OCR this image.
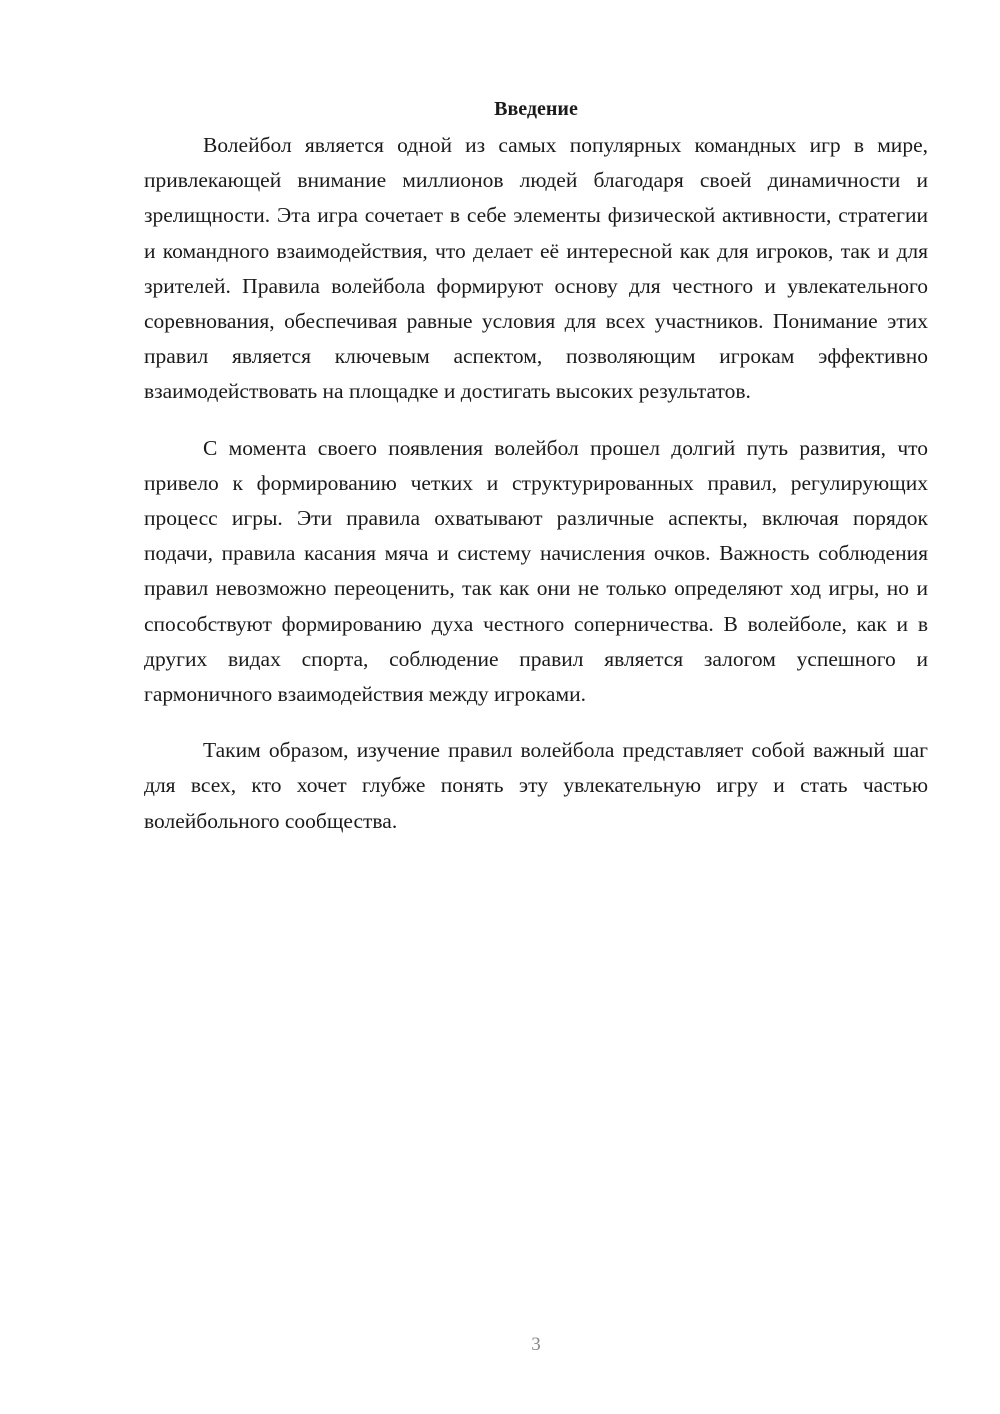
Введение

Волейбол является одной из самых популярных командных игр в мире, привлекающей внимание миллионов людей благодаря своей динамичности и зрелищности. Эта игра сочетает в себе элементы физической активности, стратегии и командного взаимодействия, что делает её интересной как для игроков, так и для зрителей. Правила волейбола формируют основу для честного и увлекательного соревнования, обеспечивая равные условия для всех участников. Понимание этих правил является ключевым аспектом, позволяющим игрокам эффективно взаимодействовать на площадке и достигать высоких результатов.

С момента своего появления волейбол прошел долгий путь развития, что привело к формированию четких и структурированных правил, регулирующих процесс игры. Эти правила охватывают различные аспекты, включая порядок подачи, правила касания мяча и систему начисления очков. Важность соблюдения правил невозможно переоценить, так как они не только определяют ход игры, но и способствуют формированию духа честного соперничества. В волейболе, как и в других видах спорта, соблюдение правил является залогом успешного и гармоничного взаимодействия между игроками.

Таким образом, изучение правил волейбола представляет собой важный шаг для всех, кто хочет глубже понять эту увлекательную игру и стать частью волейбольного сообщества.

3
